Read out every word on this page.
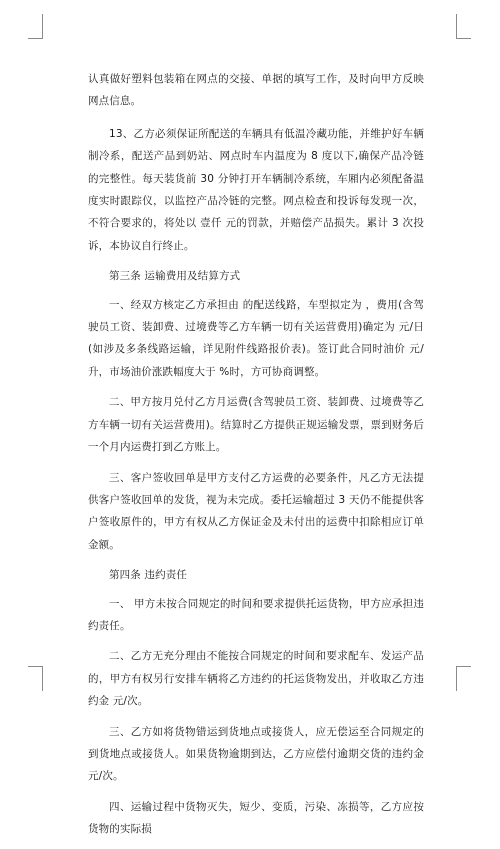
认真做好塑料包装箱在网点的交接、单据的填写工作，及时向甲方反映网点信息。

13、乙方必须保证所配送的车辆具有低温冷藏功能，并维护好车辆制冷系，配送产品到奶站、网点时车内温度为 8 度以下,确保产品冷链的完整性。每天装货前 30 分钟打开车辆制冷系统，车厢内必须配备温度实时跟踪仪，以监控产品冷链的完整。网点检查和投诉每发现一次，不符合要求的，将处以 壹仟 元的罚款，并赔偿产品损失。累计 3 次投诉，本协议自行终止。

第三条 运输费用及结算方式

一、经双方核定乙方承担由 的配送线路，车型拟定为 ，费用(含驾驶员工资、装卸费、过境费等乙方车辆一切有关运营费用)确定为 元/日(如涉及多条线路运输，详见附件线路报价表)。签订此合同时油价 元/升，市场油价涨跌幅度大于 %时，方可协商调整。

二、甲方按月兑付乙方月运费(含驾驶员工资、装卸费、过境费等乙方车辆一切有关运营费用)。结算时乙方提供正规运输发票，票到财务后一个月内运费打到乙方账上。

三、客户签收回单是甲方支付乙方运费的必要条件，凡乙方无法提供客户签收回单的发货，视为未完成。委托运输超过 3 天仍不能提供客户签收原件的，甲方有权从乙方保证金及未付出的运费中扣除相应订单金额。

第四条 违约责任

一、 甲方未按合同规定的时间和要求提供托运货物，甲方应承担违约责任。

二、乙方无充分理由不能按合同规定的时间和要求配车、发运产品的，甲方有权另行安排车辆将乙方违约的托运货物发出，并收取乙方违约金 元/次。

三、乙方如将货物错运到货地点或接货人，应无偿运至合同规定的到货地点或接货人。如果货物逾期到达，乙方应偿付逾期交货的违约金 元/次。

四、运输过程中货物灭失，短少、变质，污染、冻损等，乙方应按货物的实际损
